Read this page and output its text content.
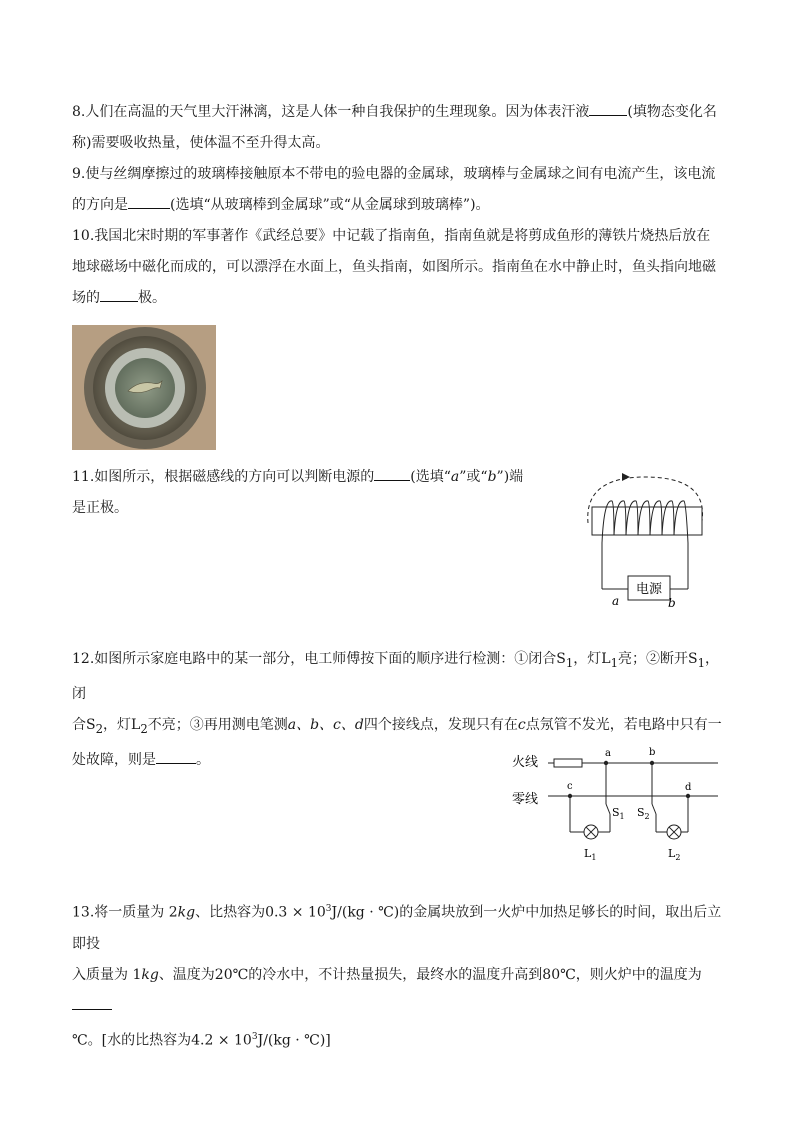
8.人们在高温的天气里大汗淋漓，这是人体一种自我保护的生理现象。因为体表汗液	(填物态变化名
称)需要吸收热量，使体温不至升得太高。
9.使与丝绸摩擦过的玻璃棒接触原本不带电的验电器的金属球，玻璃棒与金属球之间有电流产生，该电流
的方向是	(选填“从玻璃棒到金属球”或“从金属球到玻璃棒”)。
10.我国北宋时期的军事著作《武经总要》中记载了指南鱼，指南鱼就是将剪成鱼形的薄铁片烧热后放在
地球磁场中磁化而成的，可以漂浮在水面上，鱼头指南，如图所示。指南鱼在水中静止时，鱼头指向地磁
场的	极。
11.如图所示，根据磁感线的方向可以判断电源的	(选填“a”或“b”)端
是正极。
电源
a	b
12.如图所示家庭电路中的某一部分，电工师傅按下面的顺序进行检测：①闭合$S_1$，灯$L_1$亮；②断开$S_1$，闭
合$S_2$，灯$L_2$不亮；③再用测电笔测a、b、c、d四个接线点，发现只有在c点氖管不发光，若电路中只有一
处故障，则是	。	火线
零线
a	b
c	d
$S_1$ $S_2$
$L_1$	$L_2$
13.将一质量为 2kg、比热容为$0.3 \times 10^3J/(kg$ · ℃)的金属块放到一火炉中加热足够长的时间，取出后立即投
入质量为 1kg、温度为20℃的冷水中，不计热量损失，最终水的温度升高到80℃，则火炉中的温度为
℃。[水的比热容为$4.2 \times 10^3J/(kg$ · ℃)]
